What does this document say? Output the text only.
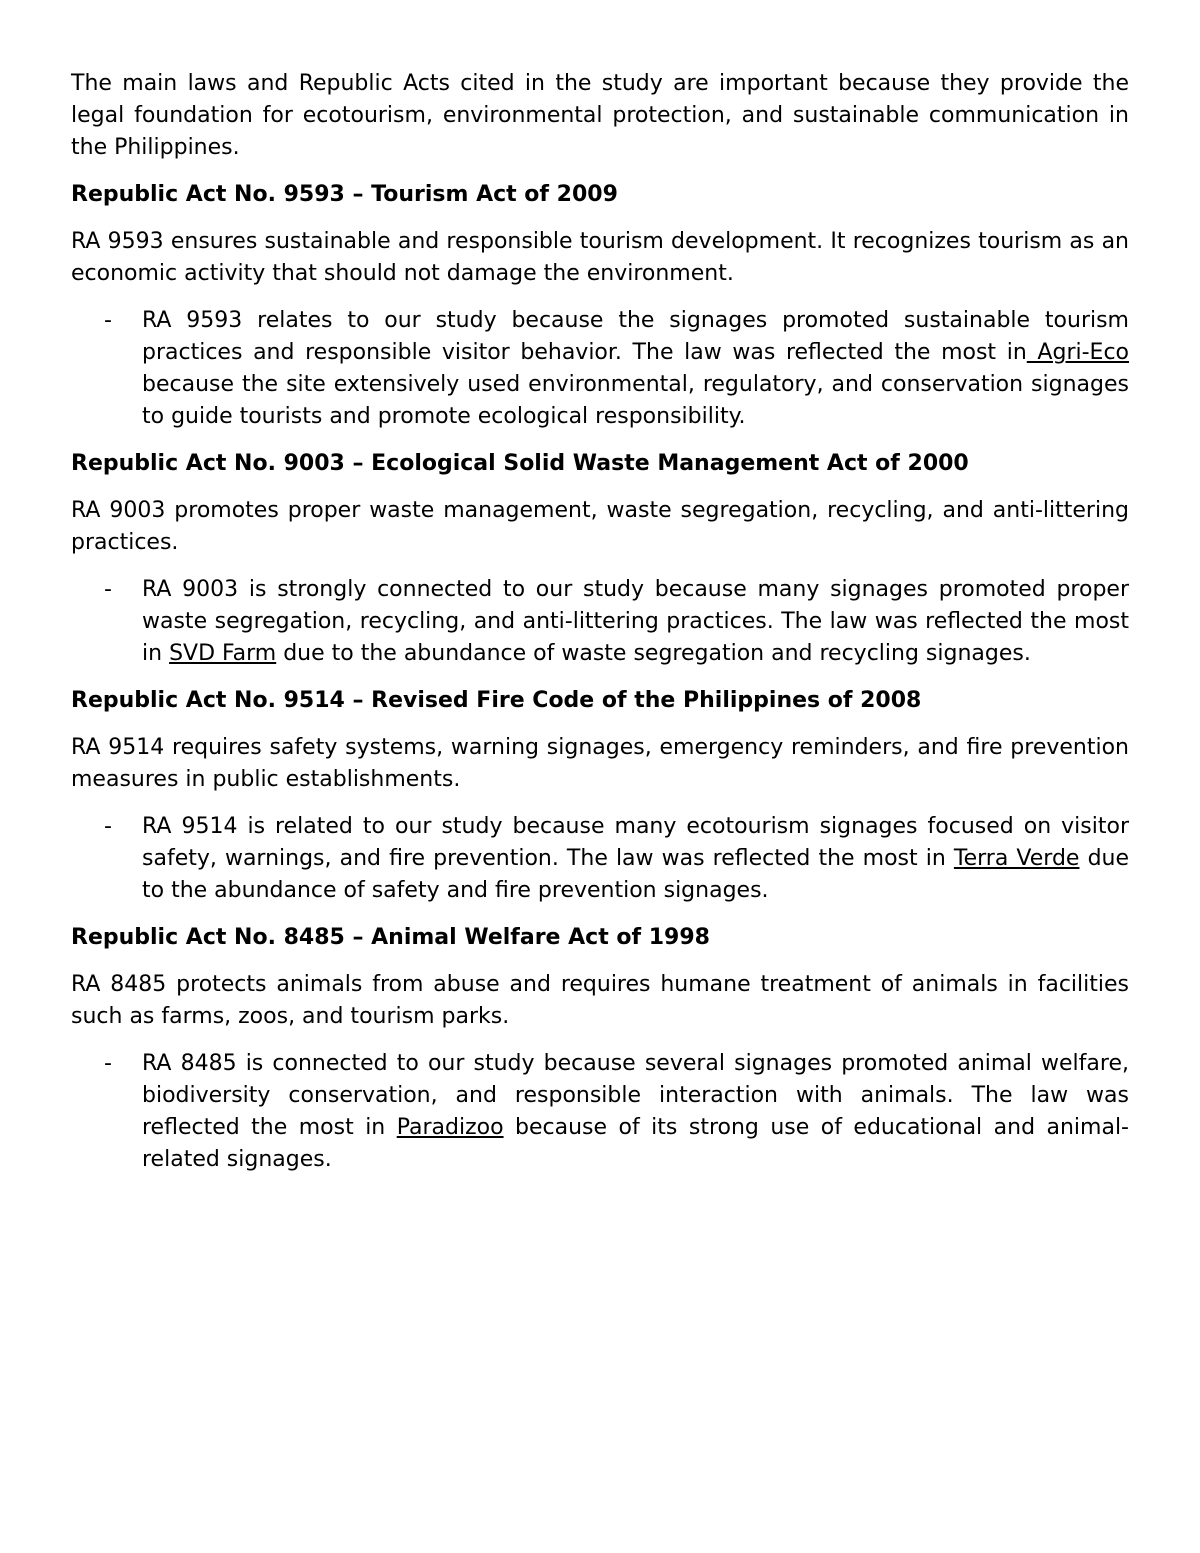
The main laws and Republic Acts cited in the study are important because they provide the legal foundation for ecotourism, environmental protection, and sustainable communication in the Philippines.

Republic Act No. 9593 – Tourism Act of 2009

RA 9593 ensures sustainable and responsible tourism development. It recognizes tourism as an economic activity that should not damage the environment.

- RA 9593 relates to our study because the signages promoted sustainable tourism practices and responsible visitor behavior. The law was reflected the most in Agri-Eco because the site extensively used environmental, regulatory, and conservation signages to guide tourists and promote ecological responsibility.
Republic Act No. 9003 – Ecological Solid Waste Management Act of 2000

RA 9003 promotes proper waste management, waste segregation, recycling, and anti-littering practices.

- RA 9003 is strongly connected to our study because many signages promoted proper waste segregation, recycling, and anti-littering practices. The law was reflected the most in SVD Farm due to the abundance of waste segregation and recycling signages.
Republic Act No. 9514 – Revised Fire Code of the Philippines of 2008

RA 9514 requires safety systems, warning signages, emergency reminders, and fire prevention measures in public establishments.

- RA 9514 is related to our study because many ecotourism signages focused on visitor safety, warnings, and fire prevention. The law was reflected the most in Terra Verde due to the abundance of safety and fire prevention signages.
Republic Act No. 8485 – Animal Welfare Act of 1998

RA 8485 protects animals from abuse and requires humane treatment of animals in facilities such as farms, zoos, and tourism parks.

- RA 8485 is connected to our study because several signages promoted animal welfare, biodiversity conservation, and responsible interaction with animals. The law was reflected the most in Paradizoo because of its strong use of educational and animal-related signages.
